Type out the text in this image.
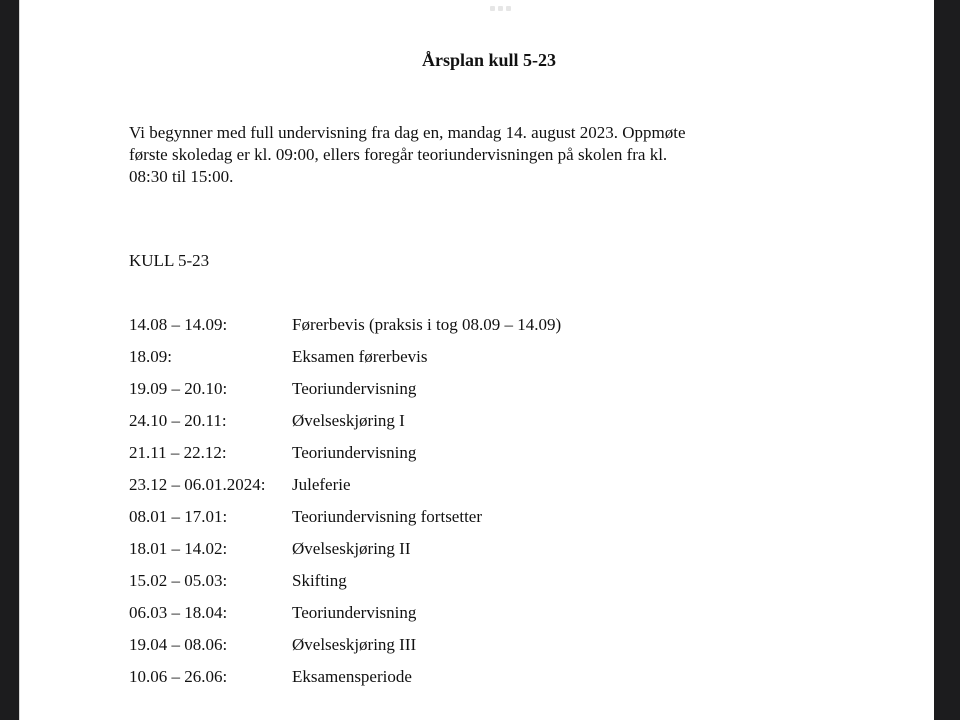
Årsplan kull 5-23

Vi begynner med full undervisning fra dag en, mandag 14. august 2023. Oppmøte
første skoledag er kl. 09:00, ellers foregår teoriundervisningen på skolen fra kl.
08:30 til 15:00.

KULL 5-23
14.08 – 14.09:	Førerbevis (praksis i tog 08.09 – 14.09)
18.09:	Eksamen førerbevis
19.09 – 20.10:	Teoriundervisning
24.10 – 20.11:	Øvelseskjøring I
21.11 – 22.12:	Teoriundervisning
23.12 – 06.01.2024:	Juleferie
08.01 – 17.01:	Teoriundervisning fortsetter
18.01 – 14.02:	Øvelseskjøring II
15.02 – 05.03:	Skifting
06.03 – 18.04:	Teoriundervisning
19.04 – 08.06:	Øvelseskjøring III
10.06 – 26.06:	Eksamensperiode
